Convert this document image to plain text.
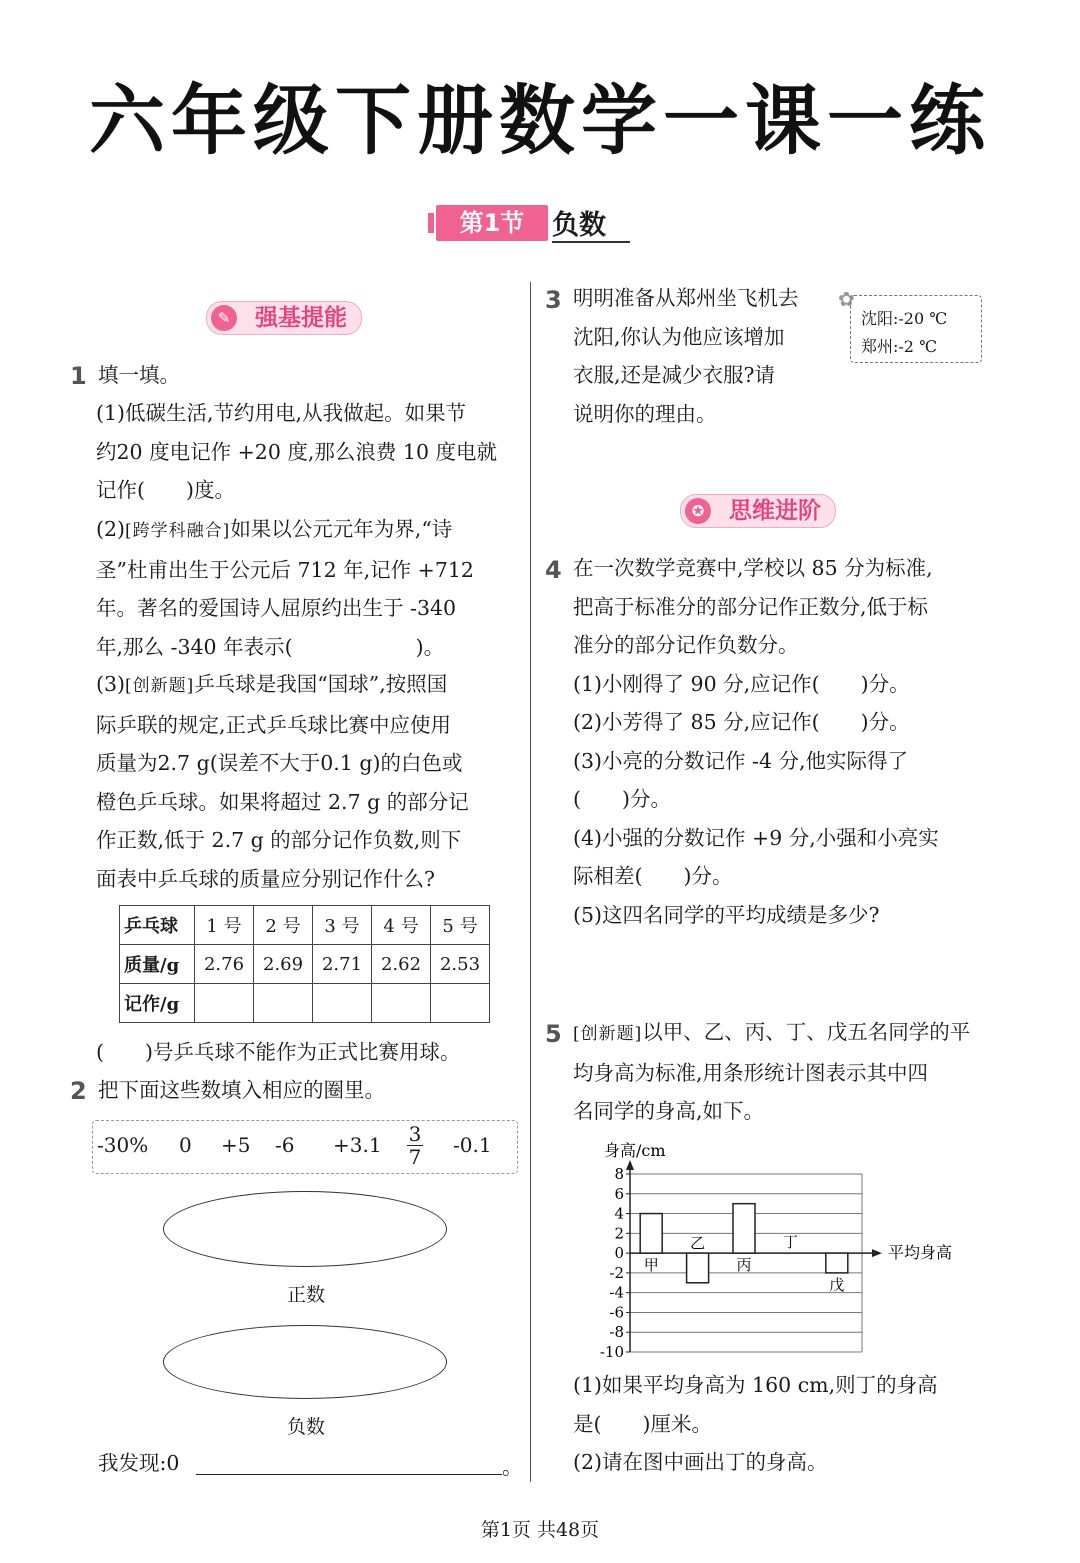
六年级下册数学一课一练
第1节	负数
✎ 强基提能
✪ 思维进阶
1 填一填。
(1)低碳生活,节约用电,从我做起。如果节
约20 度电记作 +20 度,那么浪费 10 度电就
记作(　　)度。
(2)[跨学科融合]如果以公元元年为界,“诗
圣”杜甫出生于公元后 712 年,记作 +712
年。著名的爱国诗人屈原约出生于 -340
年,那么 -340 年表示(　　　　　　)。
(3)[创新题]乒乓球是我国“国球”,按照国
际乒联的规定,正式乒乓球比赛中应使用
质量为2.7 g(误差不大于0.1 g)的白色或
橙色乒乓球。如果将超过 2.7 g 的部分记
作正数,低于 2.7 g 的部分记作负数,则下
面表中乒乓球的质量应分别记作什么?
乒乓球	1 号	2 号	3 号	4 号	5 号
质量/g	2.76	2.69	2.71	2.62	2.53
记作/g					
(　　)号乒乓球不能作为正式比赛用球。
2 把下面这些数填入相应的圈里。
-30% 0 +5 $-6 +3.1 \frac{3}{7} -0.1$
正数
负数
我发现:0	。
3 明明准备从郑州坐飞机去
沈阳,你认为他应该增加
衣服,还是减少衣服?请
说明你的理由。
✿
沈阳:-20 ℃
郑州:-2 ℃
4 在一次数学竞赛中,学校以 85 分为标准,
把高于标准分的部分记作正数分,低于标
准分的部分记作负数分。
(1)小刚得了 90 分,应记作(　　)分。
(2)小芳得了 85 分,应记作(　　)分。
(3)小亮的分数记作 -4 分,他实际得了
(　　)分。
(4)小强的分数记作 +9 分,小强和小亮实
际相差(　　)分。
(5)这四名同学的平均成绩是多少?
5 [创新题]以甲、乙、丙、丁、戊五名同学的平
均身高为标准,用条形统计图表示其中四
名同学的身高,如下。
身高/cm
8
6
4
2
0
-2
-4
-6
-8
-10
甲
乙
丙
丁
戊
平均身高
(1)如果平均身高为 160 cm,则丁的身高
是(　　)厘米。
(2)请在图中画出丁的身高。
第1页 共48页
